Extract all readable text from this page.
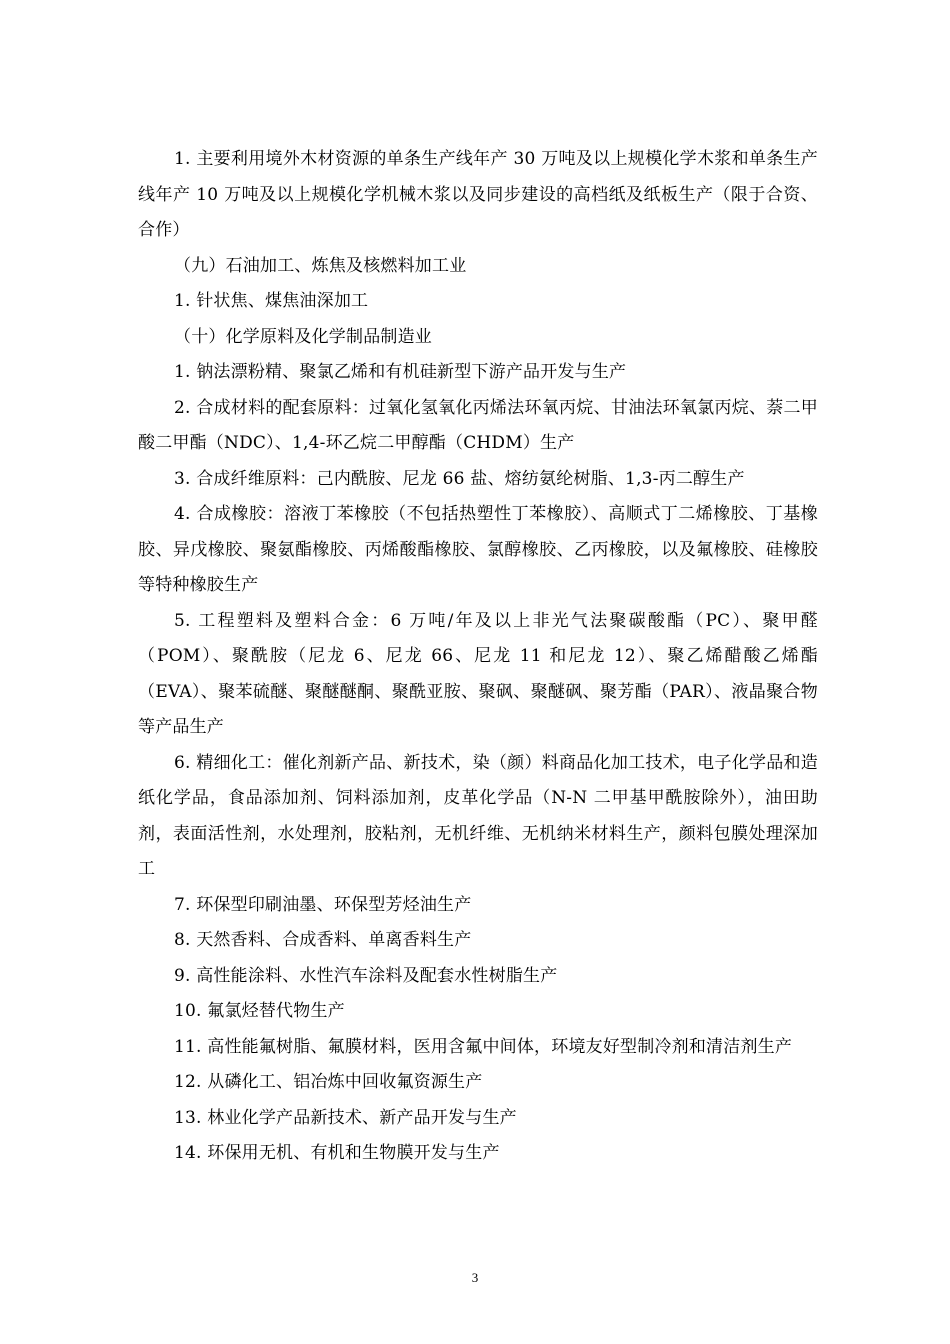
1. 主要利用境外木材资源的单条生产线年产 30 万吨及以上规模化学木浆和单条生产线年产 10 万吨及以上规模化学机械木浆以及同步建设的高档纸及纸板生产（限于合资、合作）

（九）石油加工、炼焦及核燃料加工业

1. 针状焦、煤焦油深加工

（十）化学原料及化学制品制造业

1. 钠法漂粉精、聚氯乙烯和有机硅新型下游产品开发与生产

2. 合成材料的配套原料：过氧化氢氧化丙烯法环氧丙烷、甘油法环氧氯丙烷、萘二甲酸二甲酯（NDC）、1,4-环乙烷二甲醇酯（CHDM）生产

3. 合成纤维原料：己内酰胺、尼龙 66 盐、熔纺氨纶树脂、1,3-丙二醇生产

4. 合成橡胶：溶液丁苯橡胶（不包括热塑性丁苯橡胶）、高顺式丁二烯橡胶、丁基橡胶、异戊橡胶、聚氨酯橡胶、丙烯酸酯橡胶、氯醇橡胶、乙丙橡胶，以及氟橡胶、硅橡胶等特种橡胶生产

5. 工程塑料及塑料合金：6 万吨/年及以上非光气法聚碳酸酯（PC）、聚甲醛（POM）、聚酰胺（尼龙 6、尼龙 66、尼龙 11 和尼龙 12）、聚乙烯醋酸乙烯酯（EVA）、聚苯硫醚、聚醚醚酮、聚酰亚胺、聚砜、聚醚砜、聚芳酯（PAR）、液晶聚合物等产品生产

6. 精细化工：催化剂新产品、新技术，染（颜）料商品化加工技术，电子化学品和造纸化学品，食品添加剂、饲料添加剂，皮革化学品（N-N 二甲基甲酰胺除外），油田助剂，表面活性剂，水处理剂，胶粘剂，无机纤维、无机纳米材料生产，颜料包膜处理深加工

7. 环保型印刷油墨、环保型芳烃油生产

8. 天然香料、合成香料、单离香料生产

9. 高性能涂料、水性汽车涂料及配套水性树脂生产

10. 氟氯烃替代物生产

11. 高性能氟树脂、氟膜材料，医用含氟中间体，环境友好型制冷剂和清洁剂生产

12. 从磷化工、铝冶炼中回收氟资源生产

13. 林业化学产品新技术、新产品开发与生产

14. 环保用无机、有机和生物膜开发与生产

3
